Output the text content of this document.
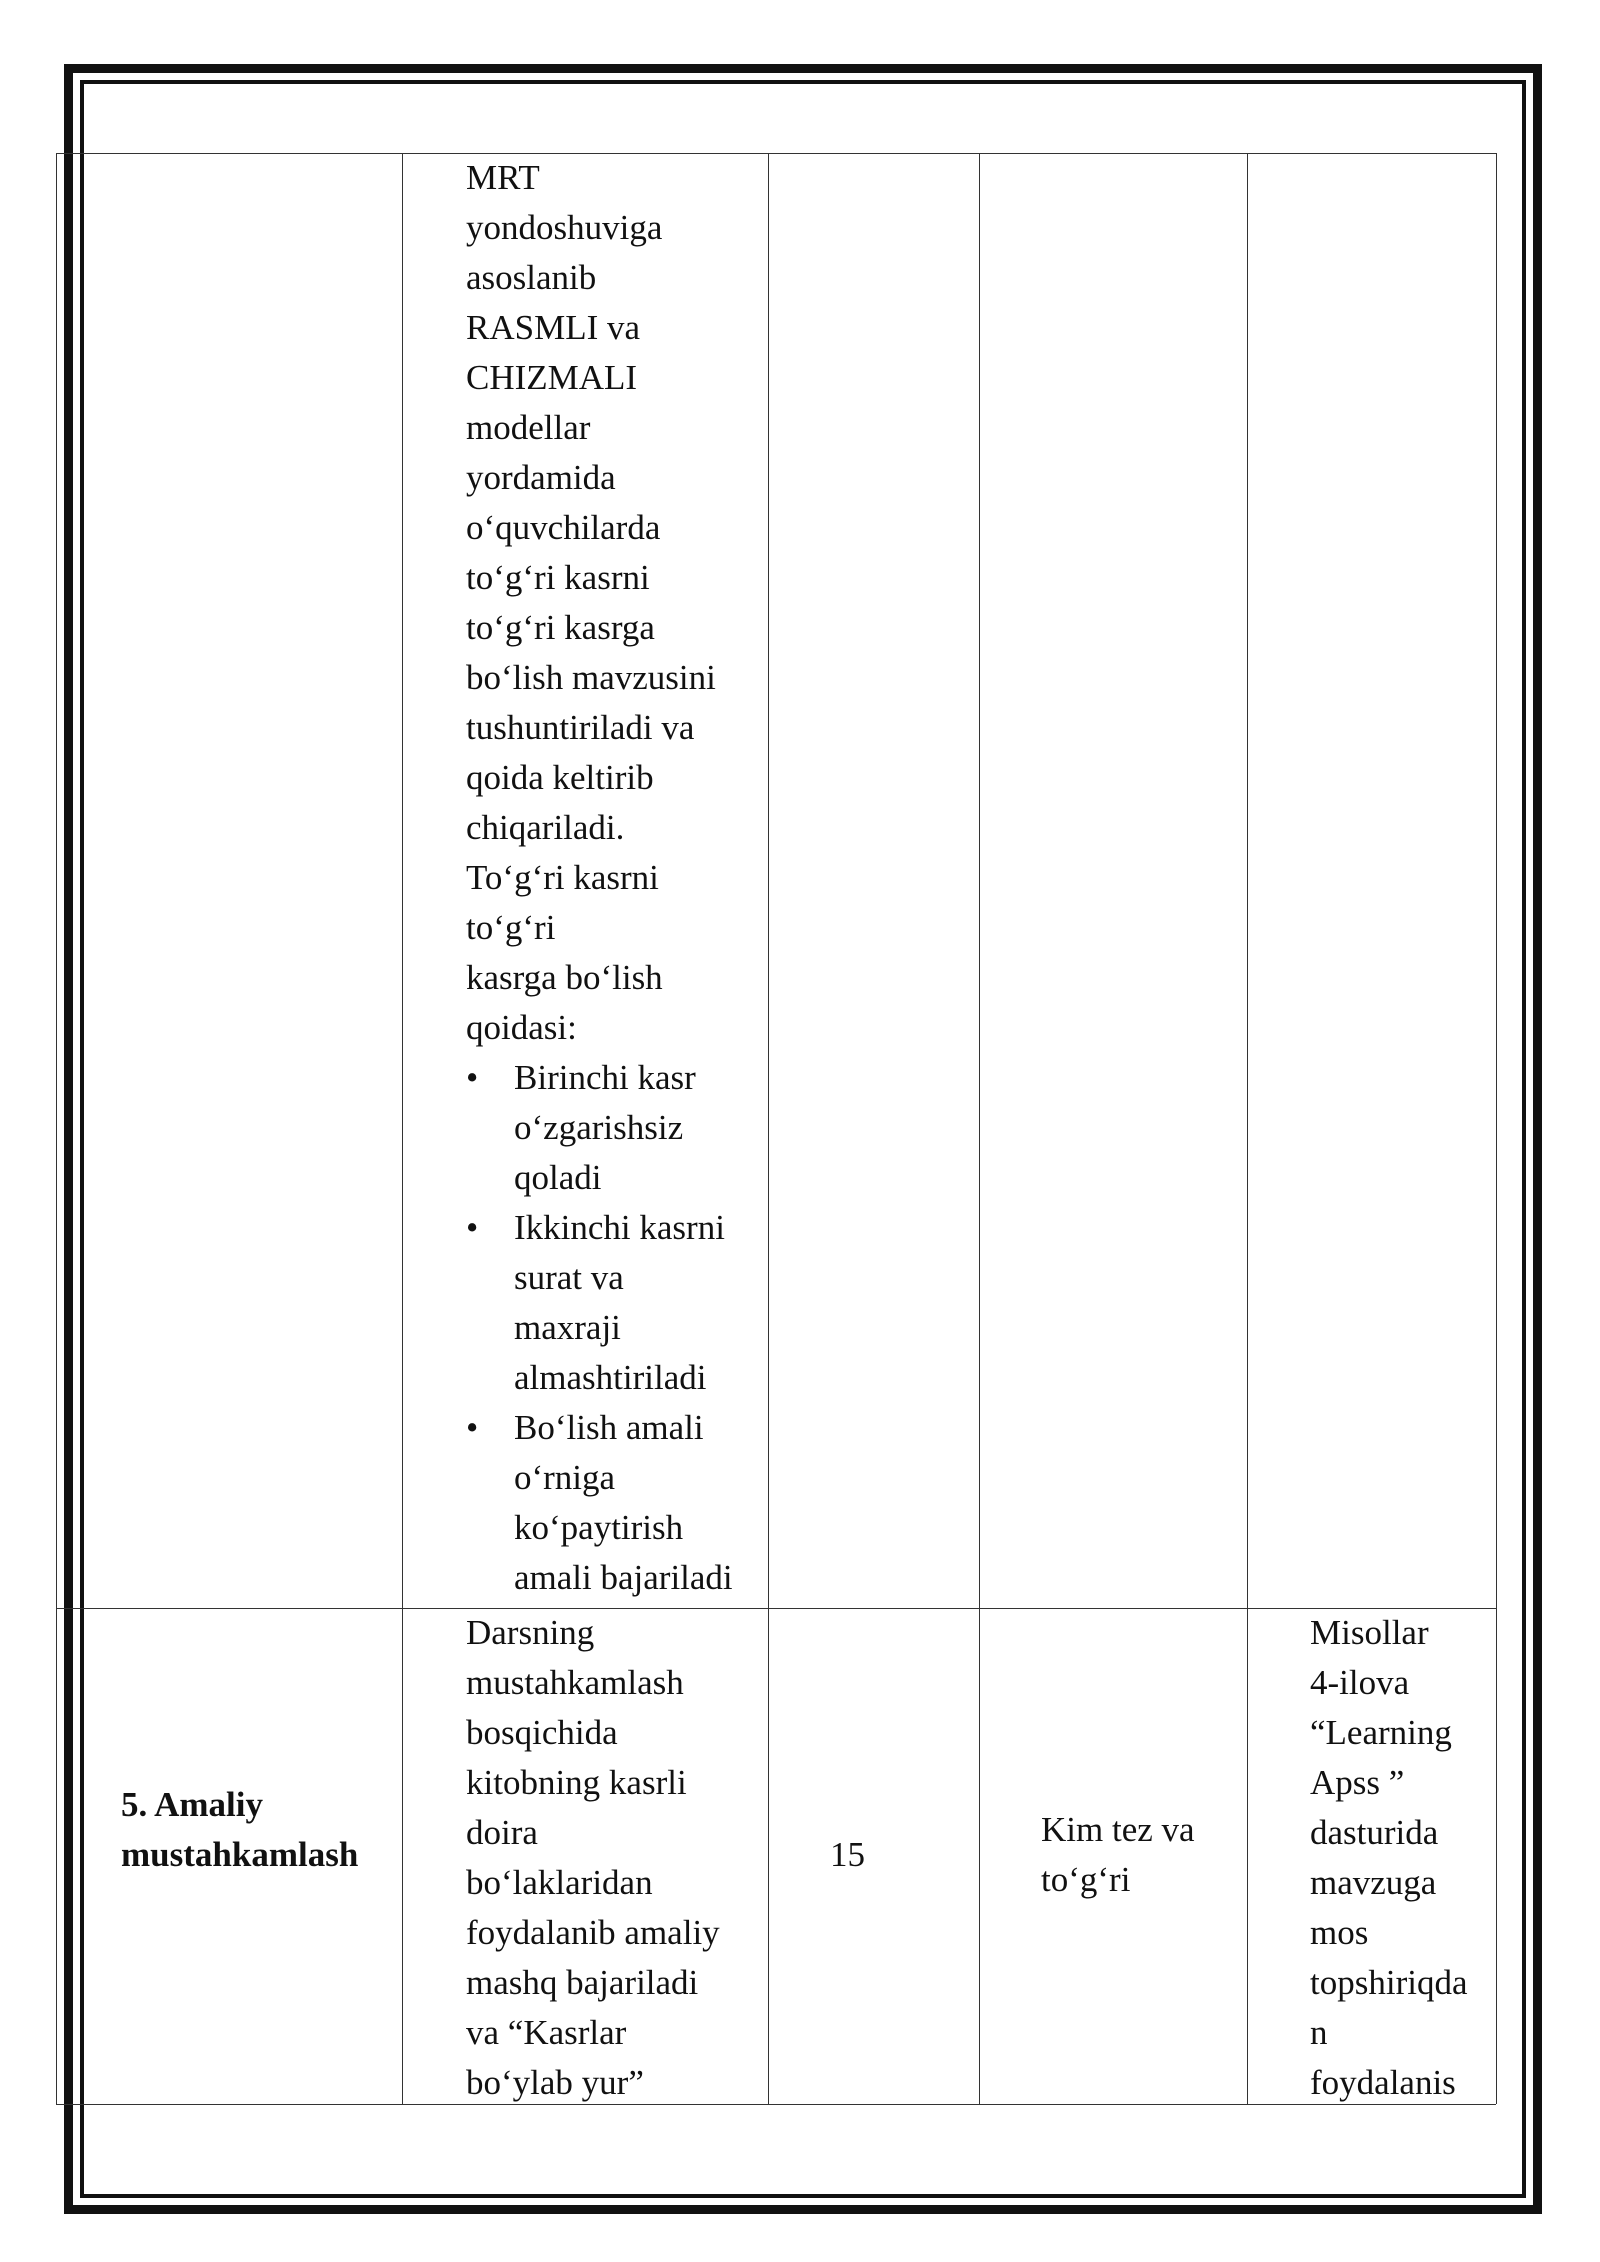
MRT

yondoshuviga

asoslanib

RASMLI va

CHIZMALI

modellar

yordamida

o‘quvchilarda

to‘g‘ri kasrni

to‘g‘ri kasrga

bo‘lish mavzusini

tushuntiriladi va

qoida keltirib

chiqariladi.

To‘g‘ri kasrni

to‘g‘ri

kasrga bo‘lish

qoidasi:

• Birinchi kasr

o‘zgarishsiz

qoladi

• Ikkinchi kasrni

surat va

maxraji

almashtiriladi

• Bo‘lish amali

o‘rniga

ko‘paytirish

amali bajariladi

5. Amaliy

mustahkamlash

Darsning

mustahkamlash

bosqichida

kitobning kasrli

doira

bo‘laklaridan

foydalanib amaliy

mashq bajariladi

va “Kasrlar

bo‘ylab yur”

15

Kim tez va

to‘g‘ri

Misollar

4-ilova

“Learning

Apss ”

dasturida

mavzuga

mos

topshiriqda

n

foydalanis
